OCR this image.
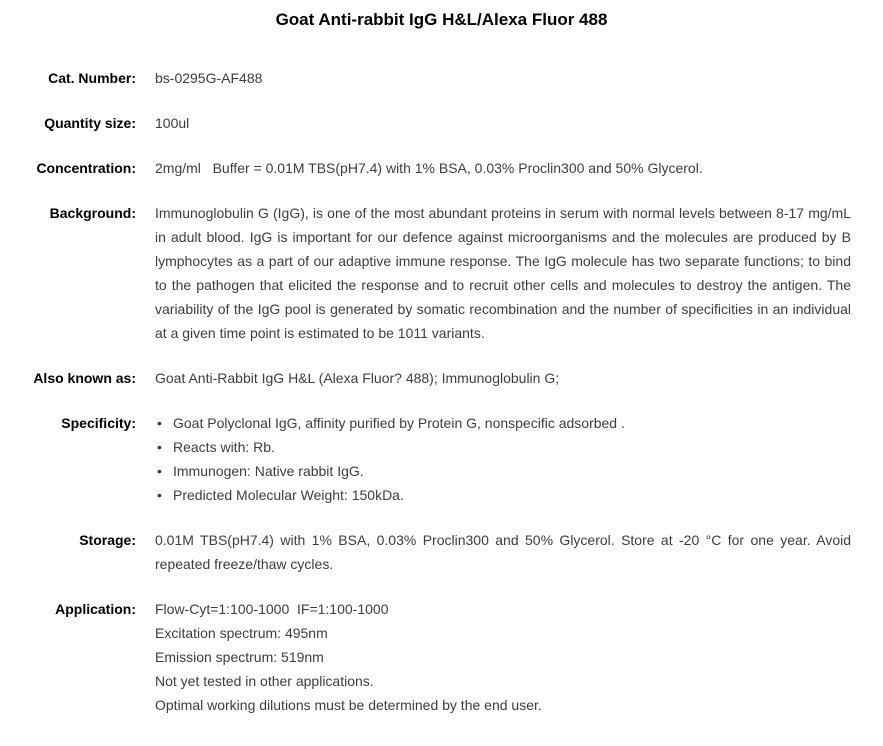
Goat Anti-rabbit IgG H&L/Alexa Fluor 488
Cat. Number:	bs-0295G-AF488
Quantity size:	100ul
Concentration:	2mg/ml   Buffer = 0.01M TBS(pH7.4) with 1% BSA, 0.03% Proclin300 and 50% Glycerol.
Background:	Immunoglobulin G (IgG), is one of the most abundant proteins in serum with normal levels between 8-17 mg/mL in adult blood. IgG is important for our defence against microorganisms and the molecules are produced by B lymphocytes as a part of our adaptive immune response. The IgG molecule has two separate functions; to bind to the pathogen that elicited the response and to recruit other cells and molecules to destroy the antigen. The variability of the IgG pool is generated by somatic recombination and the number of specificities in an individual at a given time point is estimated to be 1011 variants.
Also known as:	Goat Anti-Rabbit IgG H&L (Alexa Fluor? 488); Immunoglobulin G;
Specificity:	• Goat Polyclonal IgG, affinity purified by Protein G, nonspecific adsorbed .
• Reacts with: Rb.
• Immunogen: Native rabbit IgG.
• Predicted Molecular Weight: 150kDa.
Storage:	0.01M TBS(pH7.4) with 1% BSA, 0.03% Proclin300 and 50% Glycerol. Store at -20 °C for one year. Avoid repeated freeze/thaw cycles.
Application: Flow-Cyt=1:100-1000  IF=1:100-1000
Excitation spectrum: 495nm
Emission spectrum: 519nm
Not yet tested in other applications.
Optimal working dilutions must be determined by the end user.
